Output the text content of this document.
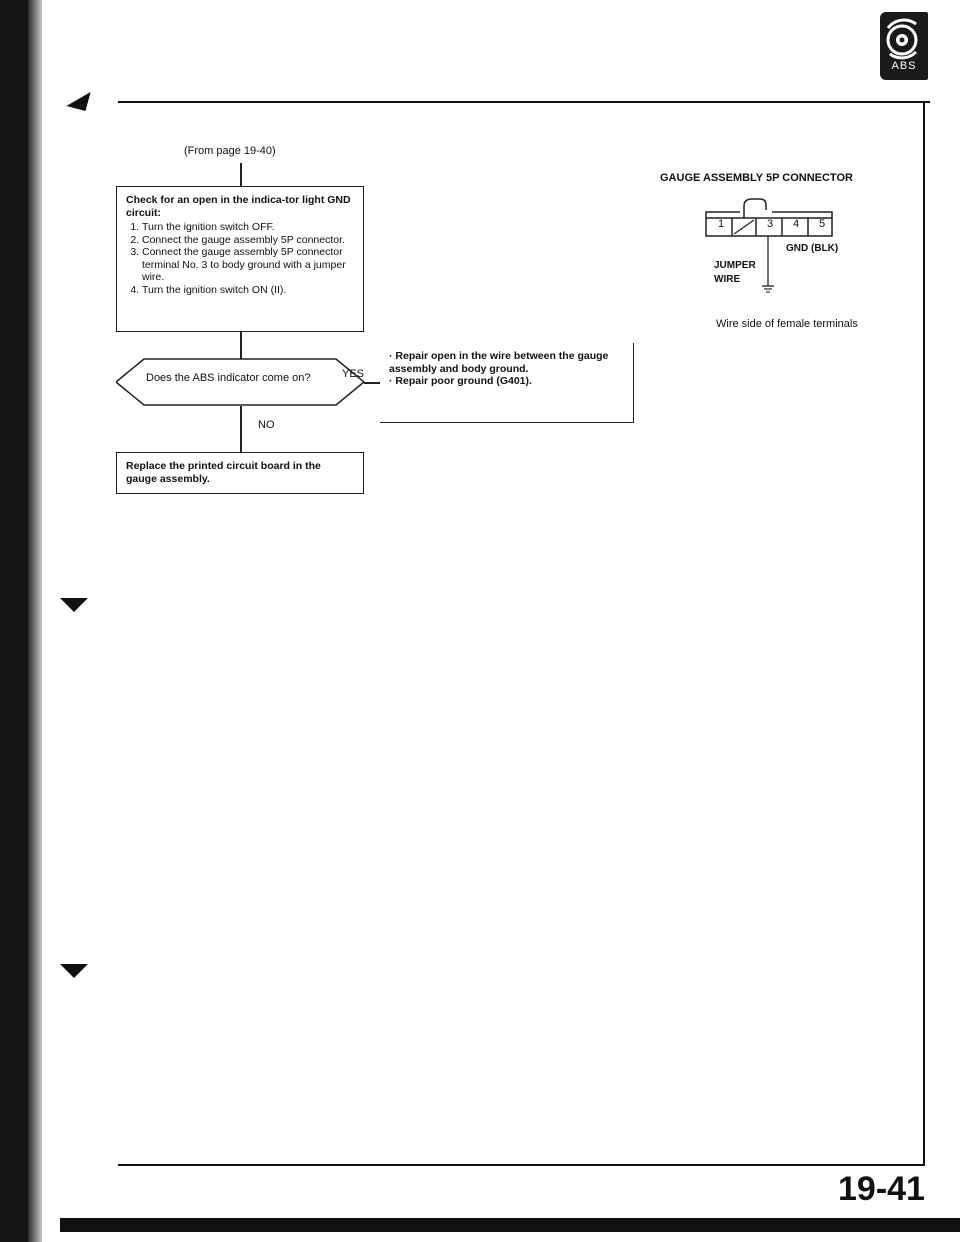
ABS
(From page 19-40)
Check for an open in the indica-tor light GND circuit:
1. Turn the ignition switch OFF.
2. Connect the gauge assembly 5P connector.
3. Connect the gauge assembly 5P connector terminal No. 3 to body ground with a jumper wire.
4. Turn the ignition switch ON (II).
Does the ABS indicator come on?	YES
· Repair open in the wire between the gauge assembly and body ground.
· Repair poor ground (G401).
NO
Replace the printed circuit board in the gauge assembly.
GAUGE ASSEMBLY 5P CONNECTOR
1	3	4	5
GND (BLK)
JUMPER
WIRE
Wire side of female terminals
19-41
